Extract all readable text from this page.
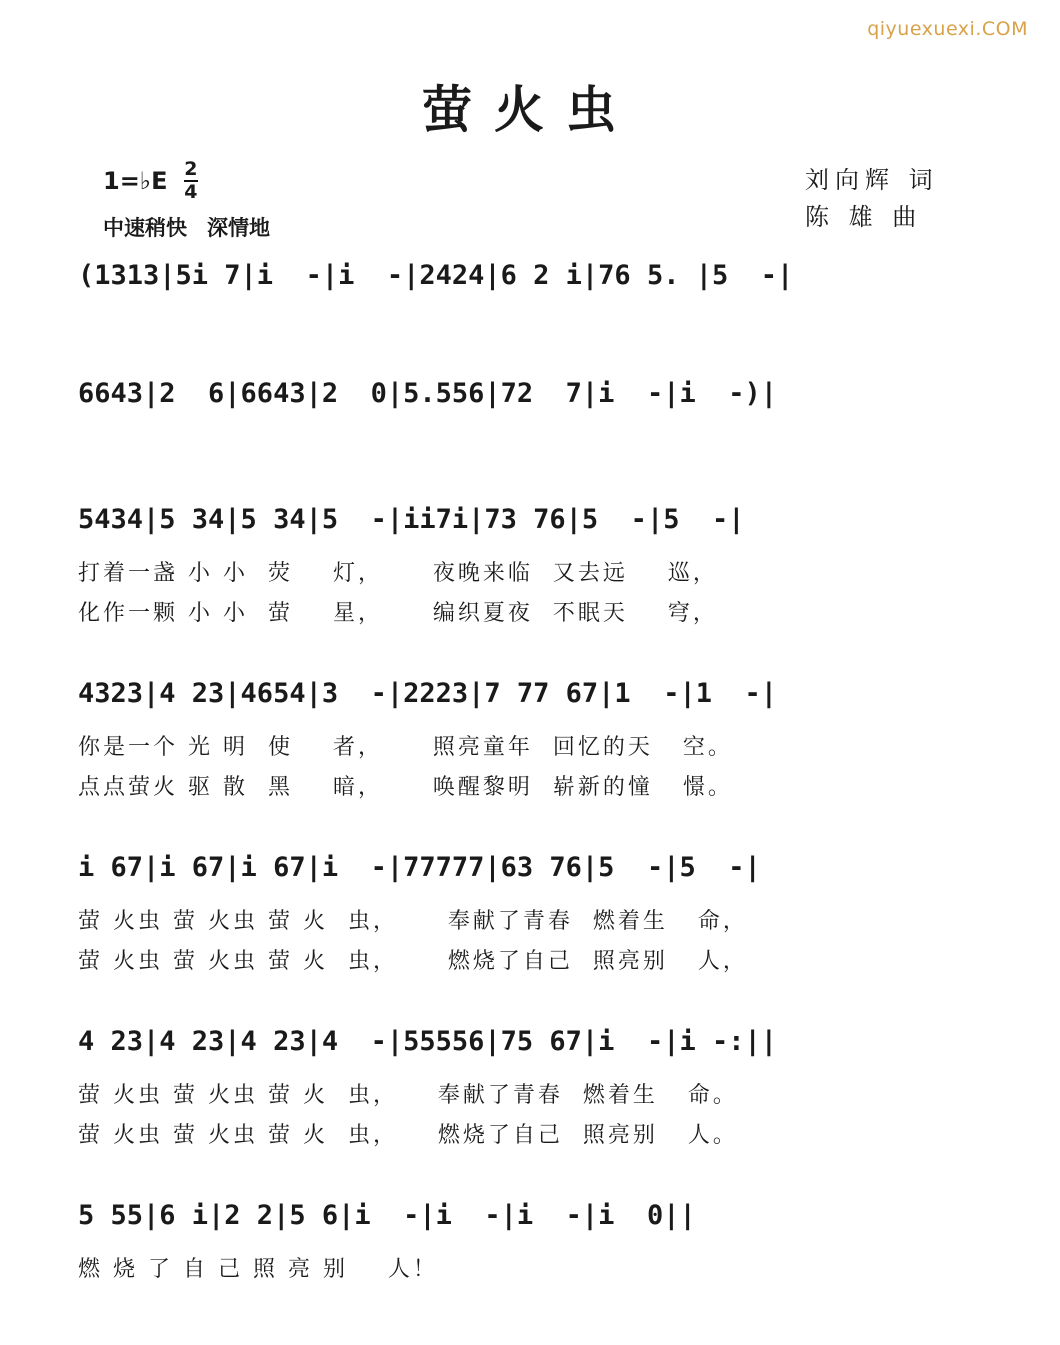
qiyuexuexi.COM
萤火虫
1=♭E $\frac{2}{4}$
中速稍快 深情地
刘向辉 词
陈 雄 曲
(1313|5i 7|i  -|i  -|2424|6 2 i|76 5. |5  -|
6643|2  6|6643|2  0|5.556|72  7|i  -|i  -)|
5434|5 34|5 34|5  -|ii7i|73 76|5  -|5  -|
打着一盏 小 小  荧    灯，     夜晚来临  又去远    巡，
化作一颗 小 小  萤    星，     编织夏夜  不眠天    穹，
4323|4 23|4654|3  -|2223|7 77 67|1  -|1  -|
你是一个 光 明  使    者，     照亮童年  回忆的天   空。
点点萤火 驱 散  黑    暗，     唤醒黎明  崭新的憧   憬。
i 67|i 67|i 67|i  -|77777|63 76|5  -|5  -|
萤 火虫 萤 火虫 萤 火  虫，     奉献了青春  燃着生   命，
萤 火虫 萤 火虫 萤 火  虫，     燃烧了自己  照亮别   人，
4 23|4 23|4 23|4  -|55556|75 67|i  -|i -:||
萤 火虫 萤 火虫 萤 火  虫，    奉献了青春  燃着生   命。
萤 火虫 萤 火虫 萤 火  虫，    燃烧了自己  照亮别   人。
5 55|6 i|2 2|5 6|i  -|i  -|i  -|i  0||
燃 烧 了 自 己 照 亮 别    人！
